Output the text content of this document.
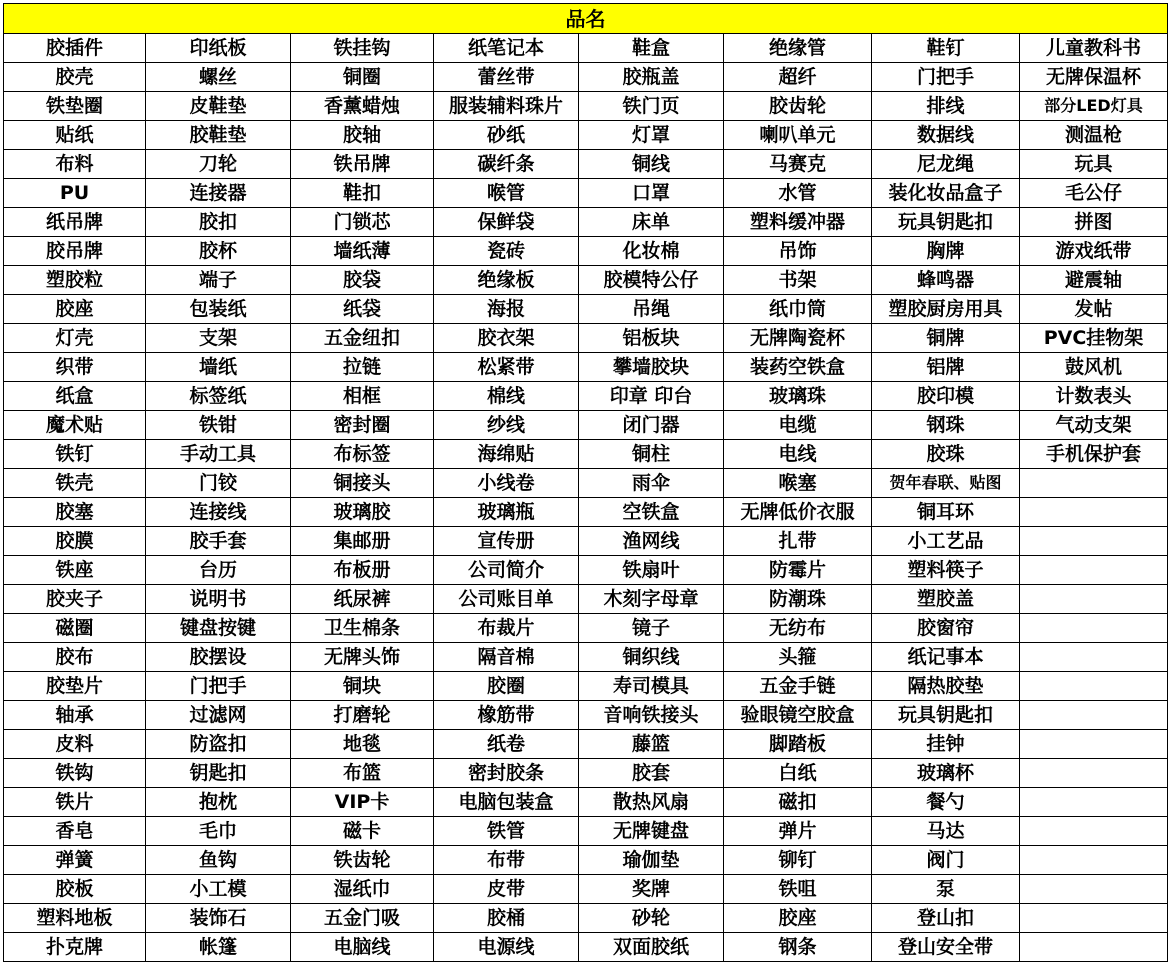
品名							
胶插件	印纸板	铁挂钩	纸笔记本	鞋盒	绝缘管	鞋钉	儿童教科书
胶壳	螺丝	铜圈	蕾丝带	胶瓶盖	超纤	门把手	无牌保温杯
铁垫圈	皮鞋垫	香薰蜡烛	服装辅料珠片	铁门页	胶齿轮	排线	部分LED灯具
贴纸	胶鞋垫	胶轴	砂纸	灯罩	喇叭单元	数据线	测温枪
布料	刀轮	铁吊牌	碳纤条	铜线	马赛克	尼龙绳	玩具
PU	连接器	鞋扣	喉管	口罩	水管	装化妆品盒子	毛公仔
纸吊牌	胶扣	门锁芯	保鲜袋	床单	塑料缓冲器	玩具钥匙扣	拼图
胶吊牌	胶杯	墙纸薄	瓷砖	化妆棉	吊饰	胸牌	游戏纸带
塑胶粒	端子	胶袋	绝缘板	胶模特公仔	书架	蜂鸣器	避震轴
胶座	包装纸	纸袋	海报	吊绳	纸巾筒	塑胶厨房用具	发帖
灯壳	支架	五金纽扣	胶衣架	铝板块	无牌陶瓷杯	铜牌	PVC挂物架
织带	墙纸	拉链	松紧带	攀墙胶块	装药空铁盒	铝牌	鼓风机
纸盒	标签纸	相框	棉线	印章 印台	玻璃珠	胶印模	计数表头
魔术贴	铁钳	密封圈	纱线	闭门器	电缆	钢珠	气动支架
铁钉	手动工具	布标签	海绵贴	铜柱	电线	胶珠	手机保护套
铁壳	门铰	铜接头	小线卷	雨伞	喉塞	贺年春联、贴图	
胶塞	连接线	玻璃胶	玻璃瓶	空铁盒	无牌低价衣服	铜耳环	
胶膜	胶手套	集邮册	宣传册	渔网线	扎带	小工艺品	
铁座	台历	布板册	公司简介	铁扇叶	防霉片	塑料筷子	
胶夹子	说明书	纸尿裤	公司账目单	木刻字母章	防潮珠	塑胶盖	
磁圈	键盘按键	卫生棉条	布裁片	镜子	无纺布	胶窗帘	
胶布	胶摆设	无牌头饰	隔音棉	铜织线	头箍	纸记事本	
胶垫片	门把手	铜块	胶圈	寿司模具	五金手链	隔热胶垫	
轴承	过滤网	打磨轮	橡筋带	音响铁接头	验眼镜空胶盒	玩具钥匙扣	
皮料	防盗扣	地毯	纸卷	藤篮	脚踏板	挂钟	
铁钩	钥匙扣	布篮	密封胶条	胶套	白纸	玻璃杯	
铁片	抱枕	VIP卡	电脑包装盒	散热风扇	磁扣	餐勺	
香皂	毛巾	磁卡	铁管	无牌键盘	弹片	马达	
弹簧	鱼钩	铁齿轮	布带	瑜伽垫	铆钉	阀门	
胶板	小工模	湿纸巾	皮带	奖牌	铁咀	泵	
塑料地板	装饰石	五金门吸	胶桶	砂轮	胶座	登山扣	
扑克牌	帐篷	电脑线	电源线	双面胶纸	钢条	登山安全带	
